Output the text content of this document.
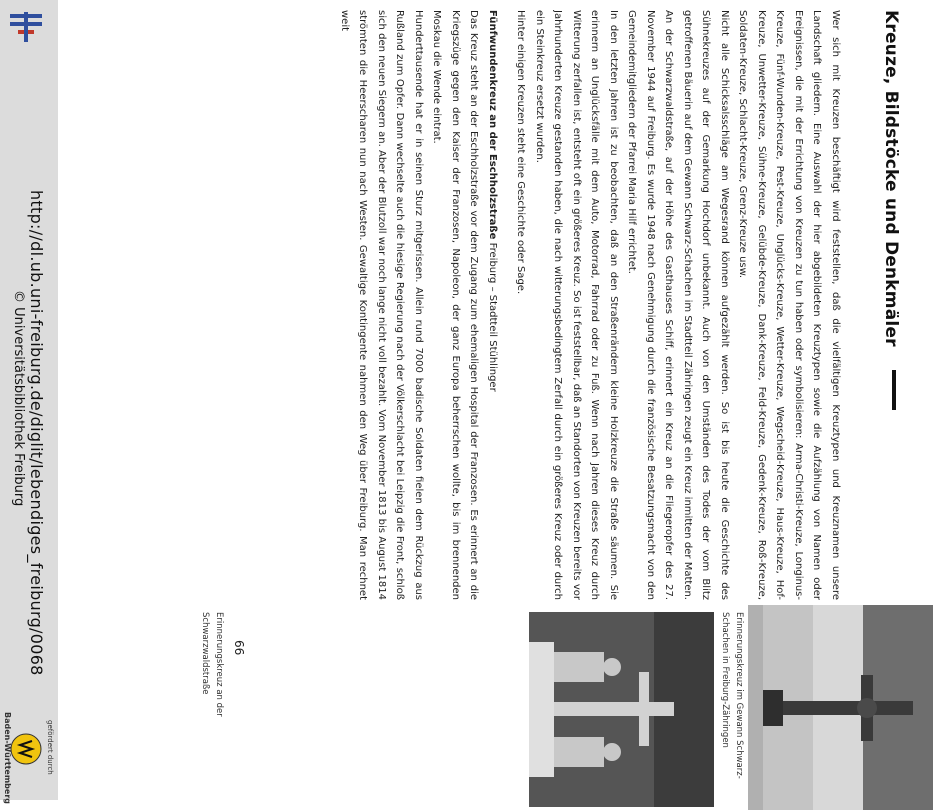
Erinnerungskreuz im Gewann Schwarz-Schachen in Freiburg-Zähringen
Erinnerungskreuz an der Schwarzwaldstraße	66
Kreuze, Bildstöcke und Denkmäler

Wer sich mit Kreuzen beschäftigt wird feststellen, daß die vielfältigen Kreuztypen und Kreuznamen unsere Landschaft gliedern. Eine Auswahl der hier abgebildeten Kreuztypen sowie die Aufzählung von Namen oder Ereignissen, die mit der Errichtung von Kreuzen zu tun haben oder symbolisieren: Arma-Christi-Kreuze, Longinus-Kreuze, Fünf-Wunden-Kreuze, Pest-Kreuze, Unglücks-Kreuze, Wetter-Kreuze, Wegscheid-Kreuze, Haus-Kreuze, Hof-Kreuze, Unwetter-Kreuze, Sühne-Kreuze, Gelübde-Kreuze, Dank-Kreuze, Feld-Kreuze, Gedenk-Kreuze, Roß-Kreuze, Soldaten-Kreuze, Schlacht-Kreuze, Grenz-Kreuze usw.

Nicht alle Schicksalsschläge am Wegesrand können aufgezählt werden. So ist bis heute die Geschichte des Sühnekreuzes auf der Gemarkung Hochdorf unbekannt. Auch von den Umständen des Todes der vom Blitz getroffenen Bäuerin auf dem Gewann Schwarz-Schachen im Stadtteil Zähringen zeugt ein Kreuz inmitten der Matten. An der Schwarzwaldstraße, auf der Höhe des Gasthauses Schiff, erinnert ein Kreuz an die Fliegeropfer des 27. November 1944 auf Freiburg. Es wurde 1948 nach Genehmigung durch die französische Besatzungsmacht von den Gemeindemitgliedern der Pfarrei Maria Hilf errichtet.

In den letzten Jahren ist zu beobachten, daß an den Straßenrändern kleine Holzkreuze die Straße säumen. Sie erinnern an Unglücksfälle mit dem Auto, Motorrad, Fahrrad oder zu Fuß. Wenn nach Jahren dieses Kreuz durch Witterung zerfallen ist, entsteht oft ein größeres Kreuz. So ist feststellbar, daß an Standorten von Kreuzen bereits vor Jahrhunderten Kreuze gestanden haben, die nach witterungsbedingtem Zerfall durch ein größeres Kreuz oder durch ein Steinkreuz ersetzt wurden.

Hinter einigen Kreuzen steht eine Geschichte oder Sage.

Fünfwundenkreuz an der Eschholzstraße Freiburg – Stadtteil Stühlinger

Das Kreuz steht an der Eschholzstraße vor dem Zugang zum ehemaligen Hospital der Franzosen. Es erinnert an die Kriegszüge gegen den Kaiser der Franzosen, Napoleon, der ganz Europa beherrschen wollte, bis im brennenden Moskau die Wende eintrat.

Hunderttausende hat er in seinen Sturz mitgerissen. Allein rund 7000 badische Soldaten fielen dem Rückzug aus Rußland zum Opfer. Dann wechselte auch die hiesige Regierung nach der Völkerschlacht bei Leipzig die Front, schloß sich den neuen Siegern an. Aber der Blutzoll war noch lange nicht voll bezahlt. Vom November 1813 bis August 1814 strömten die Heerscharen nun nach Westen. Gewaltige Kontingente nahmen den Weg über Freiburg. Man rechnet weit

http://dl.ub.uni-freiburg.de/diglit/lebendiges_freiburg/0068
© Universitätsbibliothek Freiburg
gefördert durch
Baden-Württemberg
